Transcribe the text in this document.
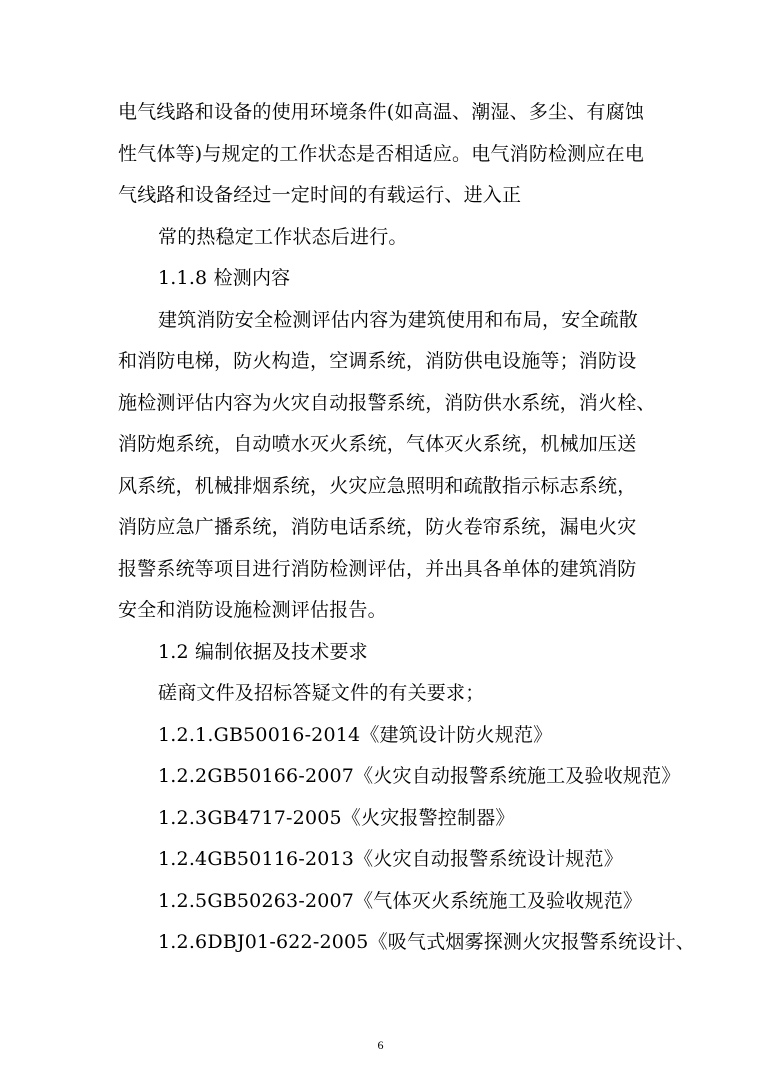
电气线路和设备的使用环境条件(如高温、潮湿、多尘、有腐蚀
性气体等)与规定的工作状态是否相适应。电气消防检测应在电
气线路和设备经过一定时间的有载运行、进入正
常的热稳定工作状态后进行。
1.1.8 检测内容
建筑消防安全检测评估内容为建筑使用和布局，安全疏散
和消防电梯，防火构造，空调系统，消防供电设施等；消防设
施检测评估内容为火灾自动报警系统，消防供水系统，消火栓、
消防炮系统，自动喷水灭火系统，气体灭火系统，机械加压送
风系统，机械排烟系统，火灾应急照明和疏散指示标志系统，
消防应急广播系统，消防电话系统，防火卷帘系统，漏电火灾
报警系统等项目进行消防检测评估，并出具各单体的建筑消防
安全和消防设施检测评估报告。
1.2 编制依据及技术要求
磋商文件及招标答疑文件的有关要求；
1.2.1.GB50016-2014《建筑设计防火规范》
1.2.2GB50166-2007《火灾自动报警系统施工及验收规范》
1.2.3GB4717-2005《火灾报警控制器》
1.2.4GB50116-2013《火灾自动报警系统设计规范》
1.2.5GB50263-2007《气体灭火系统施工及验收规范》
1.2.6DBJ01-622-2005《吸气式烟雾探测火灾报警系统设计、
6
